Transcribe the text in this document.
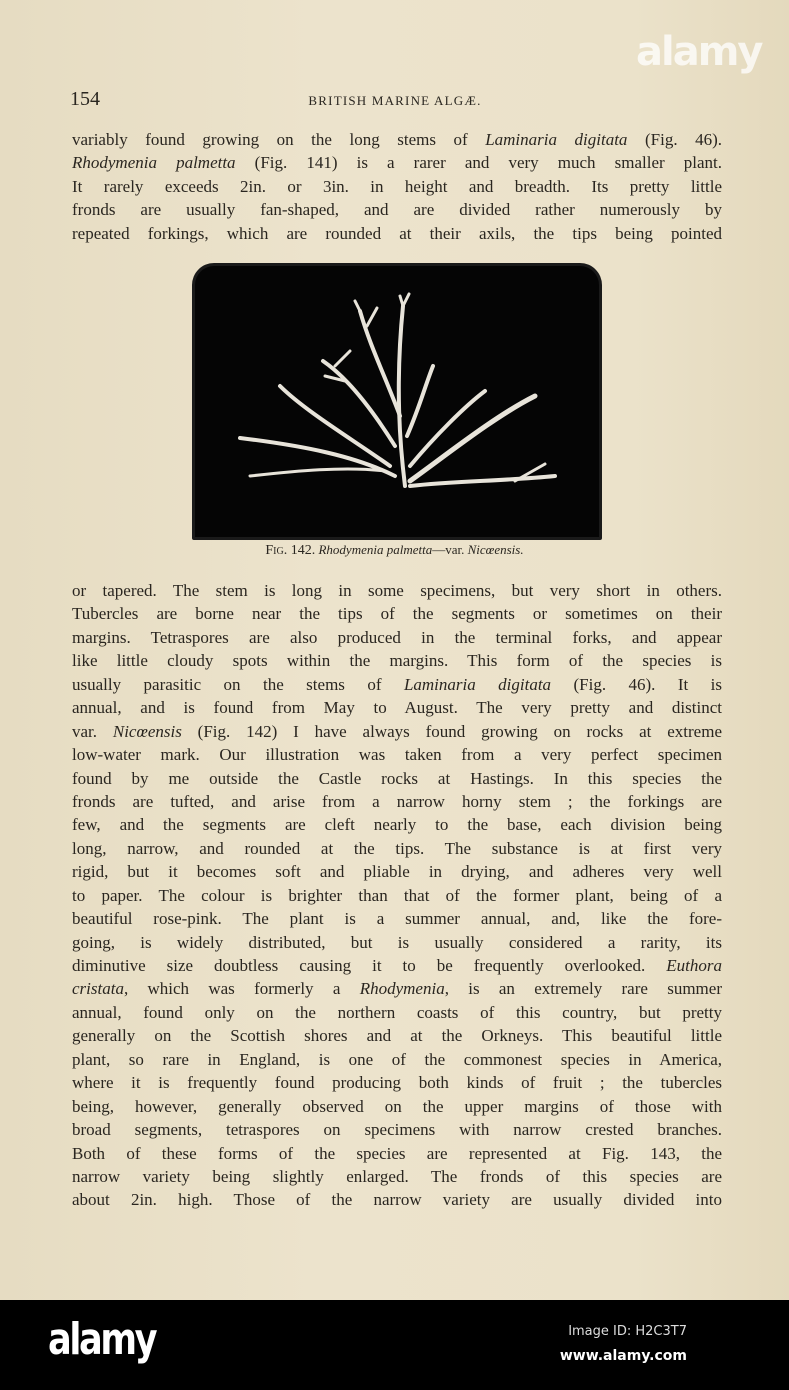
154	BRITISH MARINE ALGÆ.
variably found growing on the long stems of Laminaria digitata (Fig. 46).
Rhodymenia palmetta (Fig. 141) is a rarer and very much smaller plant.
It rarely exceeds 2in. or 3in. in height and breadth. Its pretty little
fronds are usually fan-shaped, and are divided rather numerously by
repeated forkings, which are rounded at their axils, the tips being pointed
Fig. 142. Rhodymenia palmetta—var. Nicœensis.
or tapered. The stem is long in some specimens, but very short in others.
Tubercles are borne near the tips of the segments or sometimes on their
margins. Tetraspores are also produced in the terminal forks, and appear
like little cloudy spots within the margins. This form of the species is
usually parasitic on the stems of Laminaria digitata (Fig. 46). It is
annual, and is found from May to August. The very pretty and distinct
var. Nicœensis (Fig. 142) I have always found growing on rocks at extreme
low-water mark. Our illustration was taken from a very perfect specimen
found by me outside the Castle rocks at Hastings. In this species the
fronds are tufted, and arise from a narrow horny stem ; the forkings are
few, and the segments are cleft nearly to the base, each division being
long, narrow, and rounded at the tips. The substance is at first very
rigid, but it becomes soft and pliable in drying, and adheres very well
to paper. The colour is brighter than that of the former plant, being of a
beautiful rose-pink. The plant is a summer annual, and, like the fore-
going, is widely distributed, but is usually considered a rarity, its
diminutive size doubtless causing it to be frequently overlooked. Euthora
cristata, which was formerly a Rhodymenia, is an extremely rare summer
annual, found only on the northern coasts of this country, but pretty
generally on the Scottish shores and at the Orkneys. This beautiful little
plant, so rare in England, is one of the commonest species in America,
where it is frequently found producing both kinds of fruit ; the tubercles
being, however, generally observed on the upper margins of those with
broad segments, tetraspores on specimens with narrow crested branches.
Both of these forms of the species are represented at Fig. 143, the
narrow variety being slightly enlarged. The fronds of this species are
about 2in. high. Those of the narrow variety are usually divided into
alamy
alamy	Image ID: H2C3T7
www.alamy.com
